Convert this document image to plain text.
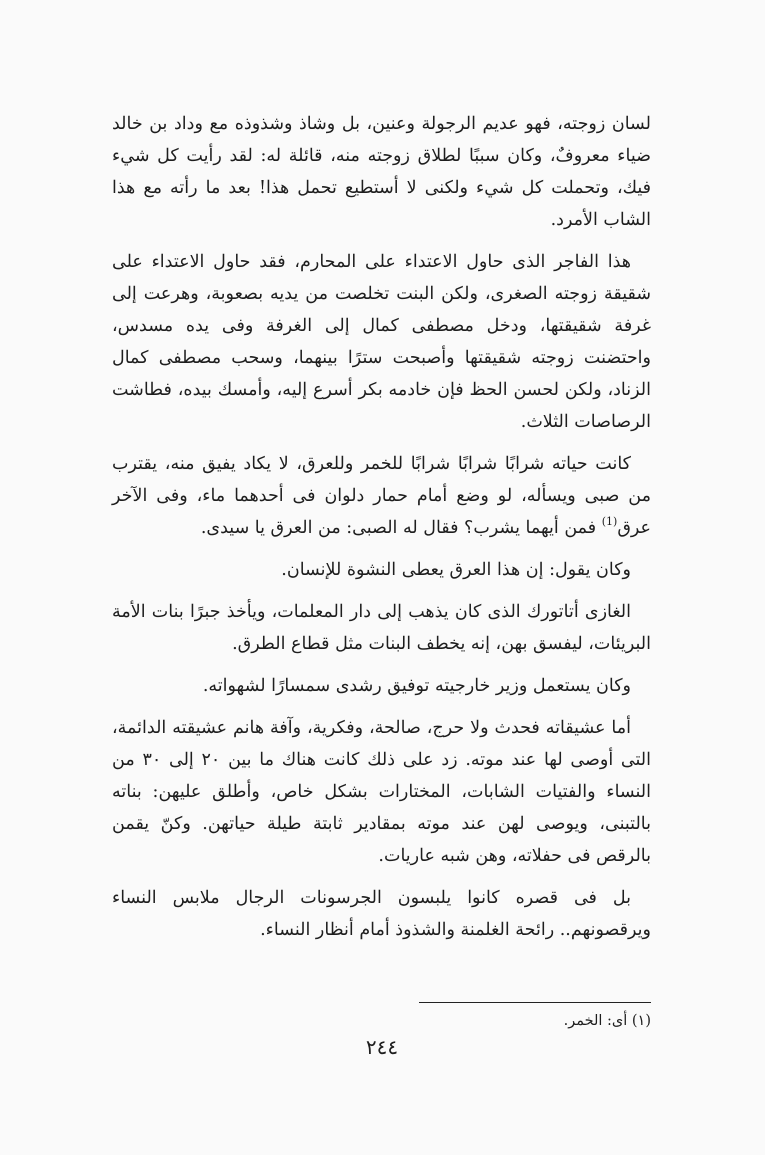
لسان زوجته، فهو عديم الرجولة وعنين، بل وشاذ وشذوذه مع وداد بن خالد ضياء معروفٌ، وكان سببًا لطلاق زوجته منه، قائلة له: لقد رأيت كل شيء فيك، وتحملت كل شيء ولكنى لا أستطيع تحمل هذا! بعد ما رأته مع هذا الشاب الأمرد.

هذا الفاجر الذى حاول الاعتداء على المحارم، فقد حاول الاعتداء على شقيقة زوجته الصغرى، ولكن البنت تخلصت من يديه بصعوبة، وهرعت إلى غرفة شقيقتها، ودخل مصطفى كمال إلى الغرفة وفى يده مسدس، واحتضنت زوجته شقيقتها وأصبحت سترًا بينهما، وسحب مصطفى كمال الزناد، ولكن لحسن الحظ فإن خادمه بكر أسرع إليه، وأمسك بيده، فطاشت الرصاصات الثلاث.

كانت حياته شرابًا شرابًا شرابًا للخمر وللعرق، لا يكاد يفيق منه، يقترب من صبى ويسأله، لو وضع أمام حمار دلوان فى أحدهما ماء، وفى الآخر عرق$^{(1)}$ فمن أيهما يشرب؟ فقال له الصبى: من العرق يا سيدى.

وكان يقول: إن هذا العرق يعطى النشوة للإنسان.

الغازى أتاتورك الذى كان يذهب إلى دار المعلمات، ويأخذ جبرًا بنات الأمة البريئات، ليفسق بهن، إنه يخطف البنات مثل قطاع الطرق.

وكان يستعمل وزير خارجيته توفيق رشدى سمسارًا لشهواته.

أما عشيقاته فحدث ولا حرج، صالحة، وفكرية، وآفة هانم عشيقته الدائمة، التى أوصى لها عند موته. زد على ذلك كانت هناك ما بين ٢٠ إلى ٣٠ من النساء والفتيات الشابات، المختارات بشكل خاص، وأطلق عليهن: بناته بالتبنى، ويوصى لهن عند موته بمقادير ثابتة طيلة حياتهن. وكنّ يقمن بالرقص فى حفلاته، وهن شبه عاريات.

بل فى قصره كانوا يلبسون الجرسونات الرجال ملابس النساء ويرقصونهم.. رائحة الغلمنة والشذوذ أمام أنظار النساء.

(١) أى: الخمر.
٢٤٤
